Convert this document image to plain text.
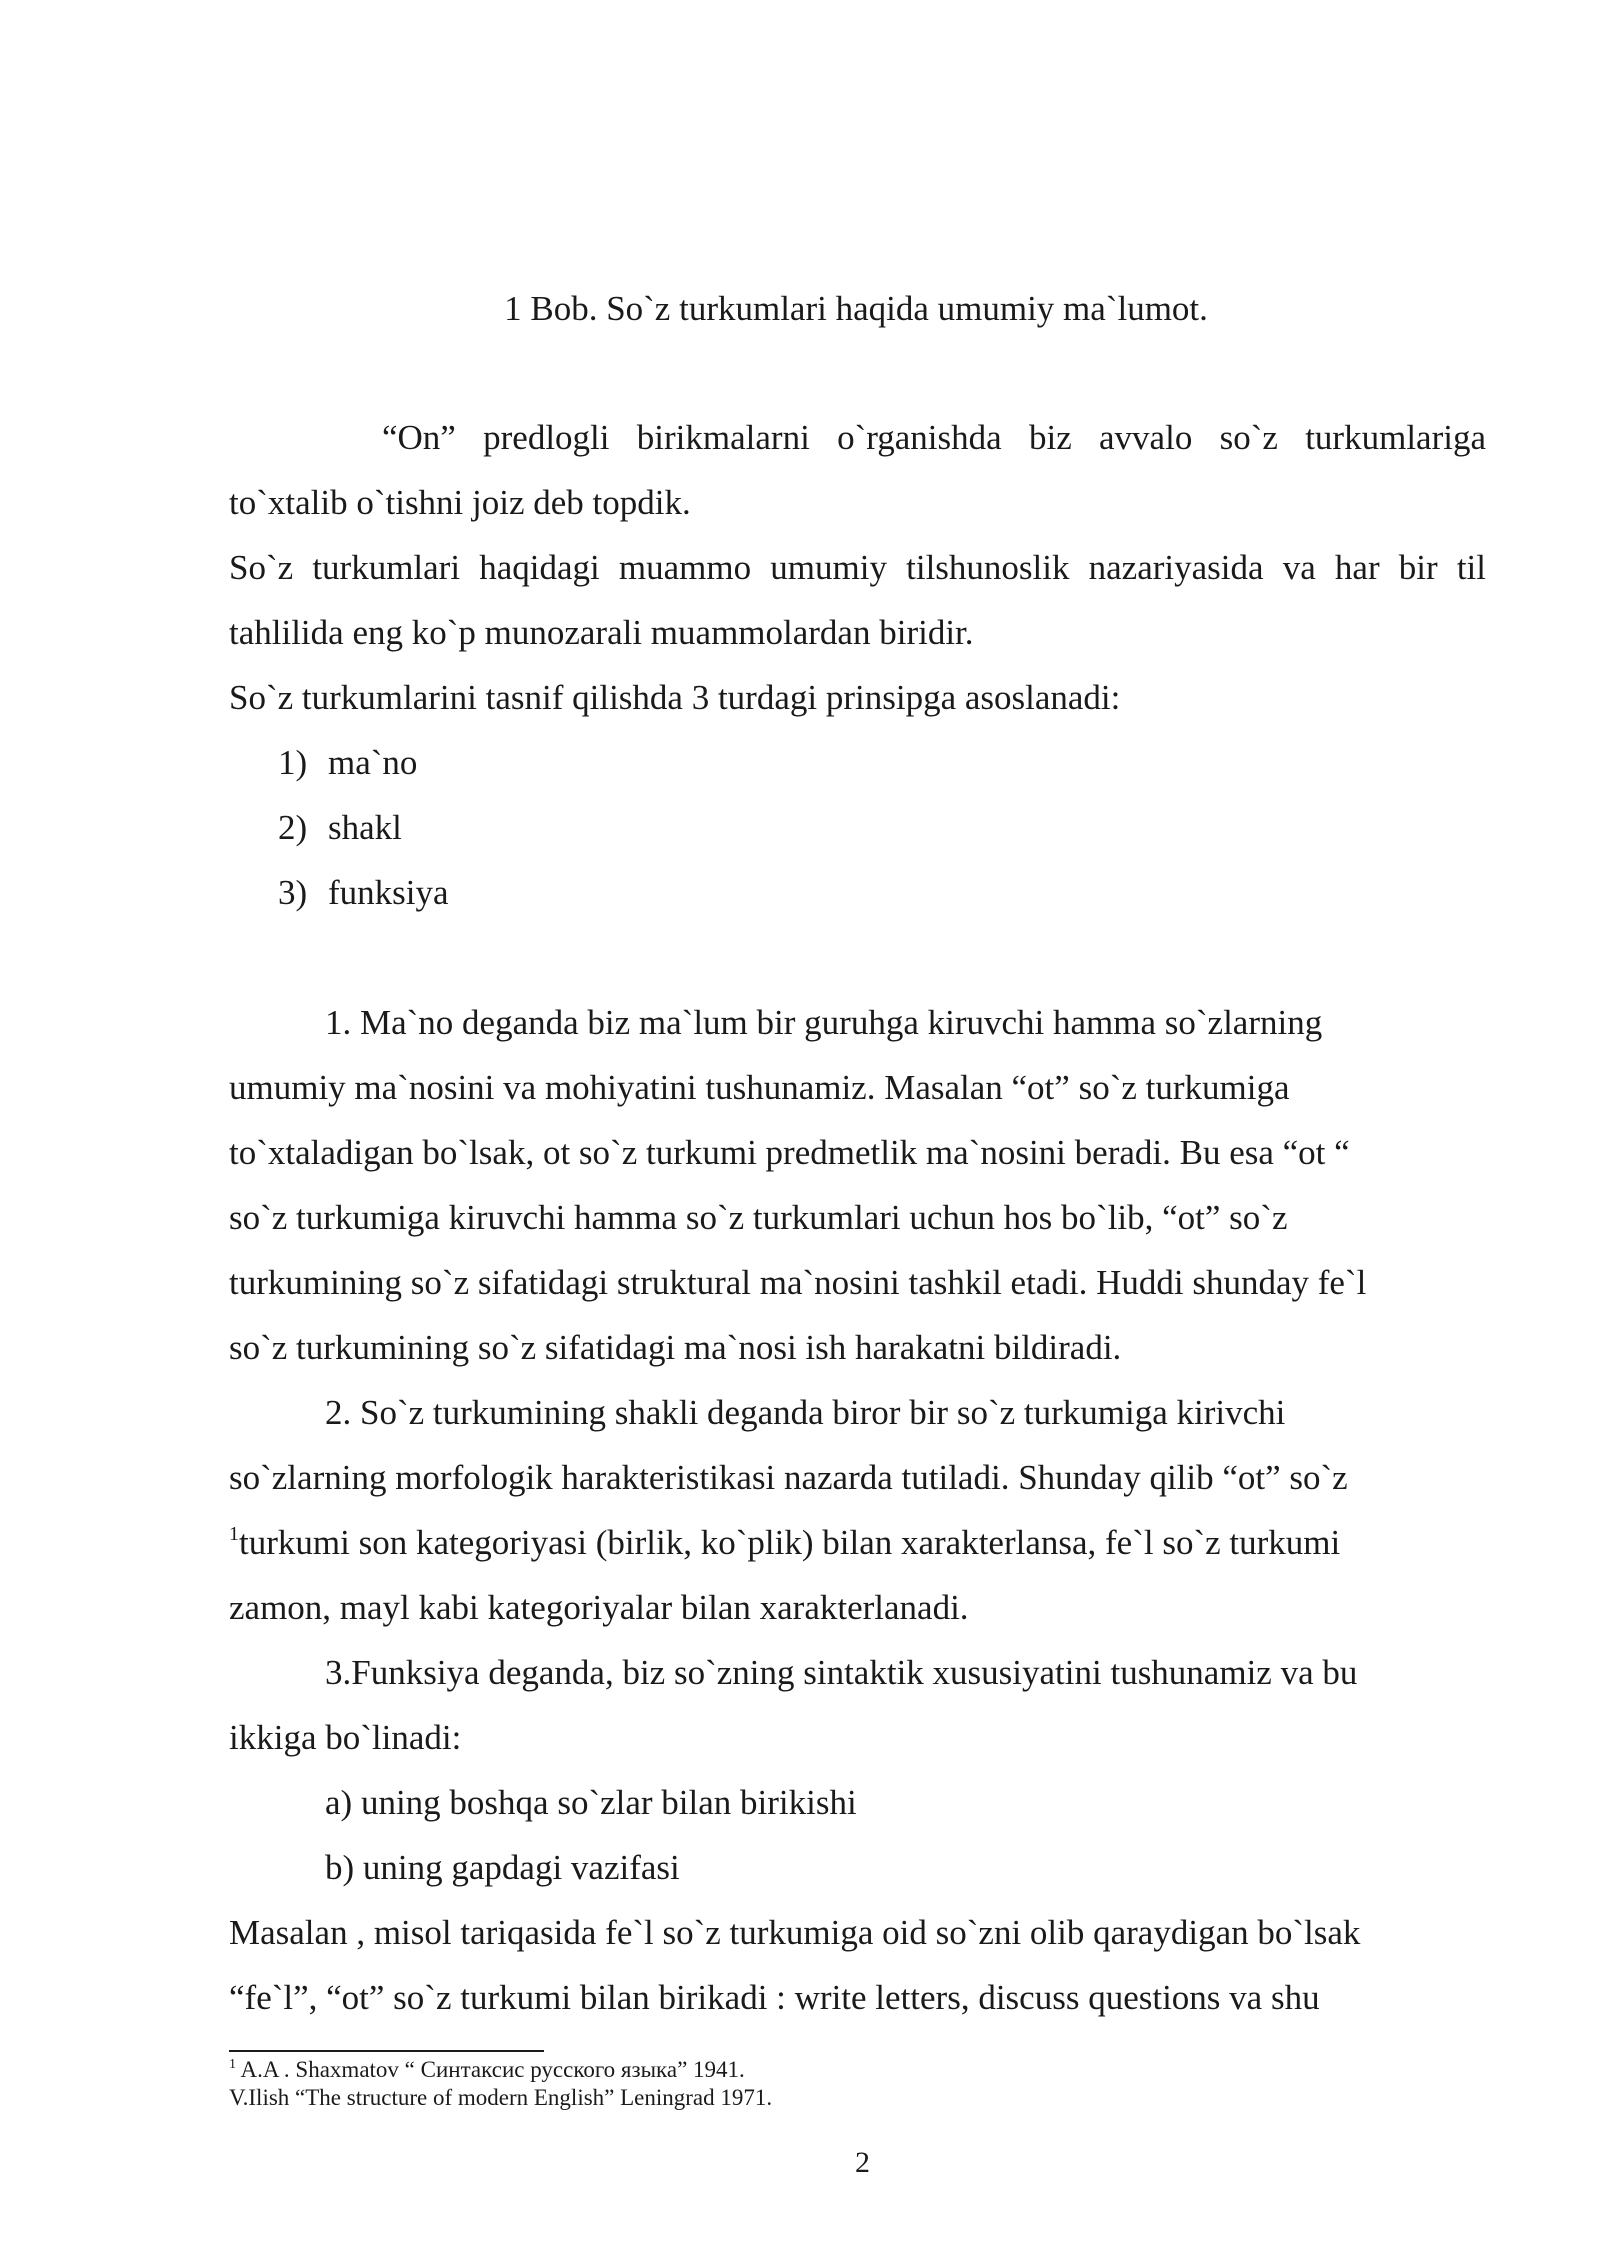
1 Bob. So`z turkumlari haqida umumiy ma`lumot.
“On” predlogli birikmalarni o`rganishda biz avvalo so`z turkumlariga
to`xtalib o`tishni joiz deb topdik.
So`z turkumlari haqidagi muammo umumiy tilshunoslik nazariyasida va har bir til
tahlilida eng ko`p munozarali muammolardan biridir.
So`z turkumlarini tasnif qilishda 3 turdagi prinsipga asoslanadi:
1) ma`no
2) shakl
3) funksiya
1. Ma`no deganda biz ma`lum bir guruhga kiruvchi hamma so`zlarning
umumiy ma`nosini va mohiyatini tushunamiz. Masalan “ot” so`z turkumiga
to`xtaladigan bo`lsak, ot so`z turkumi predmetlik ma`nosini beradi. Bu esa “ot “
so`z turkumiga kiruvchi hamma so`z turkumlari uchun hos bo`lib, “ot” so`z
turkumining so`z sifatidagi struktural ma`nosini tashkil etadi. Huddi shunday fe`l
so`z turkumining so`z sifatidagi ma`nosi ish harakatni bildiradi.
2. So`z turkumining shakli deganda biror bir so`z turkumiga kirivchi
so`zlarning morfologik harakteristikasi nazarda tutiladi. Shunday qilib “ot” so`z
$^1$turkumi son kategoriyasi (birlik, ko`plik) bilan xarakterlansa, fe`l so`z turkumi
zamon, mayl kabi kategoriyalar bilan xarakterlanadi.
3.Funksiya deganda, biz so`zning sintaktik xususiyatini tushunamiz va bu
ikkiga bo`linadi:
a) uning boshqa so`zlar bilan birikishi
b) uning gapdagi vazifasi
Masalan , misol tariqasida fe`l so`z turkumiga oid so`zni olib qaraydigan bo`lsak
“fe`l”, “ot” so`z turkumi bilan birikadi : write letters, discuss questions va shu
$^1$ A.A . Shaxmatov “ Синтаксис русского языка” 1941.
V.Ilish “The structure of modern English” Leningrad 1971.
2
